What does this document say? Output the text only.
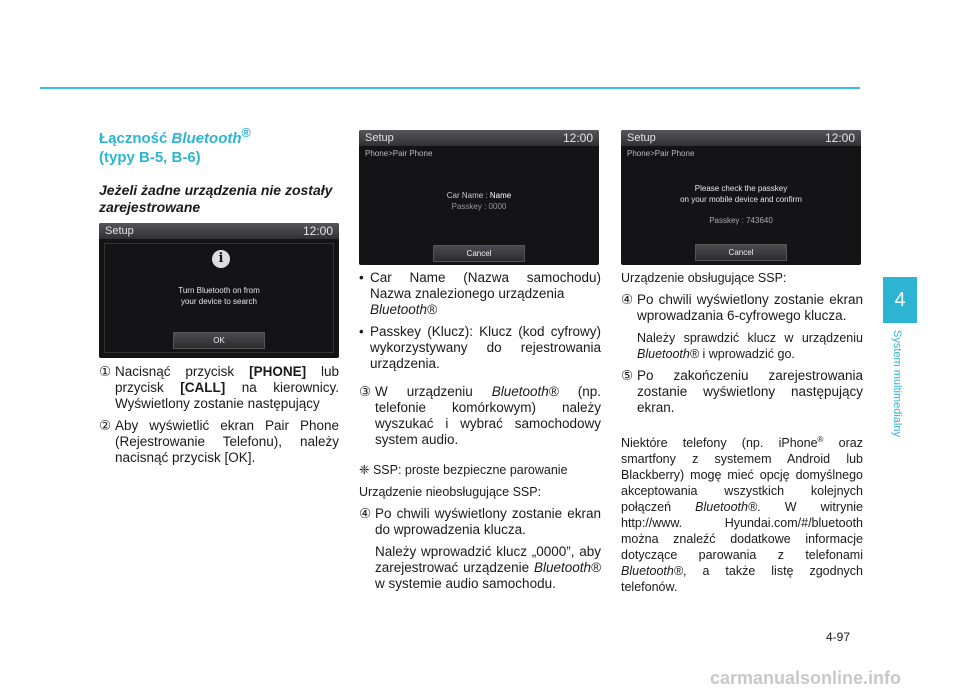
Łączność Bluetooth®
(typy B-5, B-6)
Jeżeli żadne urządzenia nie zostały zarejestrowane
Setup	12:00
i
Turn Bluetooth on from
your device to search
OK
Setup	12:00
Phone>Pair Phone
Car Name : Name
Passkey : 0000
Cancel
Setup	12:00
Phone>Pair Phone
Please check the passkey
on your mobile device and confirm
Passkey : 743640
Cancel
① Nacisnąć przycisk [PHONE] lub przycisk [CALL] na kierownicy. Wyświetlony zostanie następujący
② Aby wyświetlić ekran Pair Phone (Rejestrowanie Telefonu), należy nacisnąć przycisk [OK].
• Car Name (Nazwa samochodu) Nazwa znalezionego urządzenia
Bluetooth®
• Passkey (Klucz): Klucz (kod cyfrowy) wykorzystywany do rejestrowania urządzenia.
③ W urządzeniu Bluetooth® (np. telefonie komórkowym) należy wyszukać i wybrać samochodowy system audio.

❈ SSP: proste bezpieczne parowanie

Urządzenie nieobsługujące SSP:

④ Po chwili wyświetlony zostanie ekran do wprowadzenia klucza.
Należy wprowadzić klucz „0000”, aby zarejestrować urządzenie Bluetooth® w systemie audio samochodu.

Urządzenie obsługujące SSP:

④ Po chwili wyświetlony zostanie ekran wprowadzania 6-cyfrowego klucza.
Należy sprawdzić klucz w urządzeniu Bluetooth® i wprowadzić go.
⑤ Po zakończeniu zarejestrowania zostanie wyświetlony następujący ekran.

Niektóre telefony (np. iPhone® oraz smartfony z systemem Android lub Blackberry) mogę mieć opcję domyślnego akceptowania wszystkich kolejnych połączeń Bluetooth®. W witrynie http://www. Hyundai.com/#/bluetooth można znaleźć dodatkowe informacje dotyczące parowania z telefonami Bluetooth®, a także listę zgodnych telefonów.

4
System multimedialny
4-97
carmanualsonline.info
